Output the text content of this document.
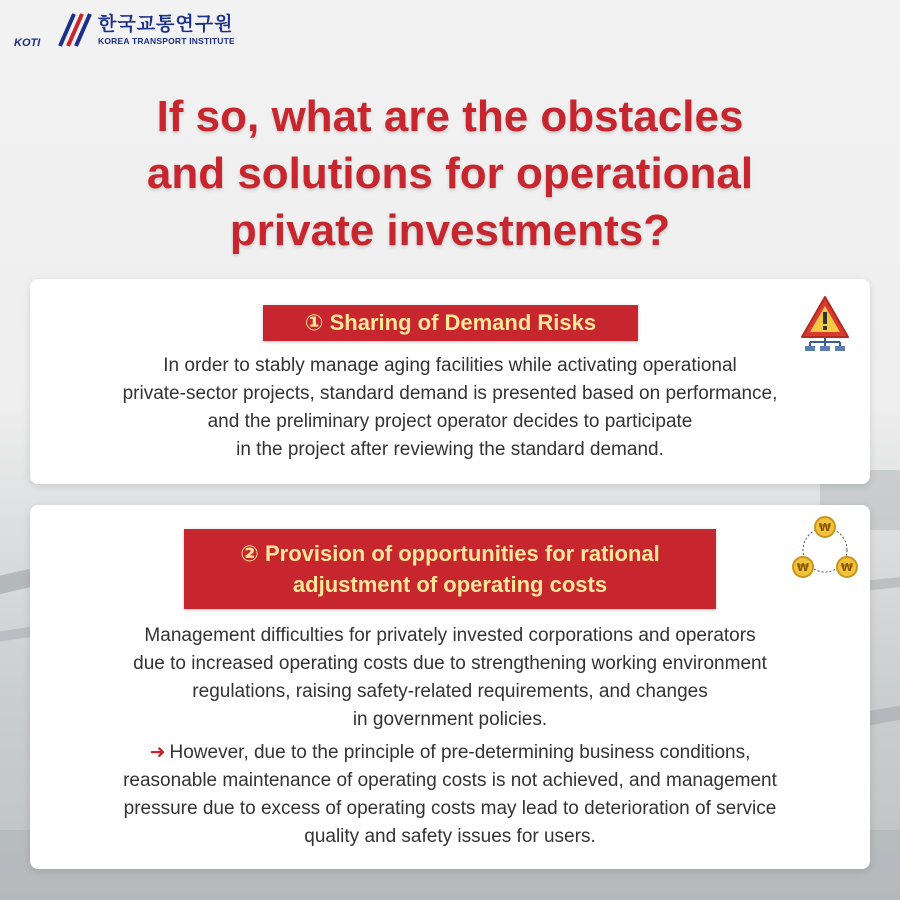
KOTI
한국교통연구원
KOREA TRANSPORT INSTITUTE
If so, what are the obstacles
and solutions for operational
private investments?
① Sharing of Demand Risks
In order to stably manage aging facilities while activating operational
private-sector projects, standard demand is presented based on performance,
and the preliminary project operator decides to participate
in the project after reviewing the standard demand.
② Provision of opportunities for rational
adjustment of operating costs
₩
₩	₩
Management difficulties for privately invested corporations and operators
due to increased operating costs due to strengthening working environment
regulations, raising safety-related requirements, and changes
in government policies.
➜ However, due to the principle of pre-determining business conditions,
reasonable maintenance of operating costs is not achieved, and management
pressure due to excess of operating costs may lead to deterioration of service
quality and safety issues for users.
